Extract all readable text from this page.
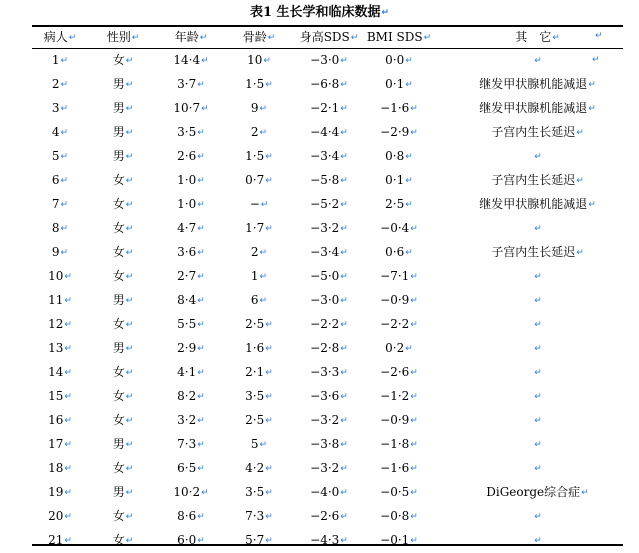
表1 生长学和临床数据↵
病人↵	性别↵	年龄↵	骨龄↵	身高SDS↵	BMI SDS↵	其　它↵
1↵	女↵	14·4↵	10↵	−3·0↵	0·0↵	↵
2↵	男↵	3·7↵	1·5↵	−6·8↵	0·1↵	继发甲状腺机能减退↵
3↵	男↵	10·7↵	9↵	−2·1↵	−1·6↵	继发甲状腺机能减退↵
4↵	男↵	3·5↵	2↵	−4·4↵	−2·9↵	子宫内生长延迟↵
5↵	男↵	2·6↵	1·5↵	−3·4↵	0·8↵	↵
6↵	女↵	1·0↵	0·7↵	−5·8↵	0·1↵	子宫内生长延迟↵
7↵	女↵	1·0↵	−↵	−5·2↵	2·5↵	继发甲状腺机能减退↵
8↵	女↵	4·7↵	1·7↵	−3·2↵	−0·4↵	↵
9↵	女↵	3·6↵	2↵	−3·4↵	0·6↵	子宫内生长延迟↵
10↵	女↵	2·7↵	1↵	−5·0↵	−7·1↵	↵
11↵	男↵	8·4↵	6↵	−3·0↵	−0·9↵	↵
12↵	女↵	5·5↵	2·5↵	−2·2↵	−2·2↵	↵
13↵	男↵	2·9↵	1·6↵	−2·8↵	0·2↵	↵
14↵	女↵	4·1↵	2·1↵	−3·3↵	−2·6↵	↵
15↵	女↵	8·2↵	3·5↵	−3·6↵	−1·2↵	↵
16↵	女↵	3·2↵	2·5↵	−3·2↵	−0·9↵	↵
17↵	男↵	7·3↵	5↵	−3·8↵	−1·8↵	↵
18↵	女↵	6·5↵	4·2↵	−3·2↵	−1·6↵	↵
19↵	男↵	10·2↵	3·5↵	−4·0↵	−0·5↵	DiGeorge综合症↵
20↵	女↵	8·6↵	7·3↵	−2·6↵	−0·8↵	↵
21↵	女↵	6·0↵	5·7↵	−4·3↵	−0·1↵	↵
↵
↵
